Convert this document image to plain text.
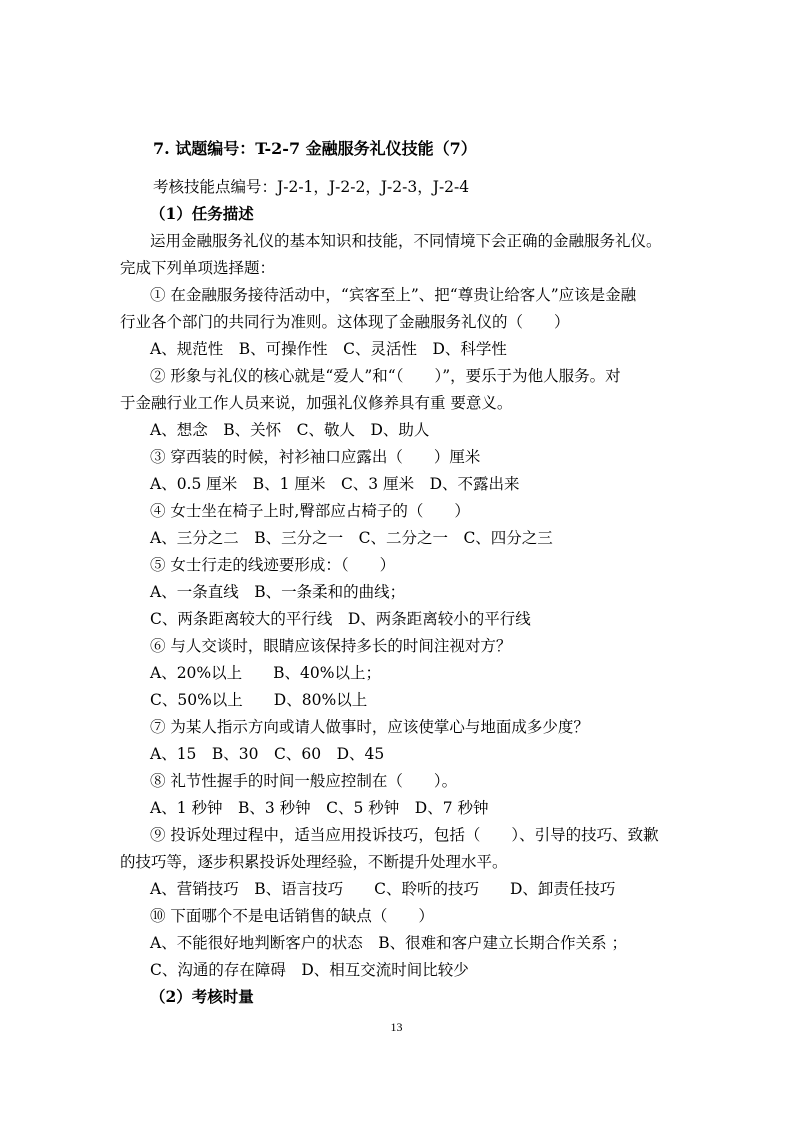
7. 试题编号：T-2-7 金融服务礼仪技能（7）
考核技能点编号：J-2-1，J-2-2，J-2-3，J-2-4
（1）任务描述
运用金融服务礼仪的基本知识和技能，不同情境下会正确的金融服务礼仪。
完成下列单项选择题：
① 在金融服务接待活动中，“宾客至上”、把“尊贵让给客人”应该是金融
行业各个部门的共同行为准则。这体现了金融服务礼仪的（　　）
A、规范性　B、可操作性　C、灵活性　D、科学性
② 形象与礼仪的核心就是“爱人”和“（　　）”，要乐于为他人服务。对
于金融行业工作人员来说，加强礼仪修养具有重 要意义。
A、想念　B、关怀　C、敬人　D、助人
③ 穿西装的时候，衬衫袖口应露出（　　）厘米
A、0.5 厘米　B、1 厘米　C、3 厘米　D、不露出来
④ 女士坐在椅子上时,臀部应占椅子的（　　）
A、三分之二　B、三分之一　C、二分之一　C、四分之三
⑤ 女士行走的线迹要形成：（　　）
A、一条直线　B、一条柔和的曲线；
C、两条距离较大的平行线　D、两条距离较小的平行线
⑥ 与人交谈时，眼睛应该保持多长的时间注视对方？
A、20%以上　　B、40%以上；
C、50%以上　　D、80%以上
⑦ 为某人指示方向或请人做事时，应该使掌心与地面成多少度？
A、15　B、30　C、60　D、45
⑧ 礼节性握手的时间一般应控制在（　　）。
A、1 秒钟　B、3 秒钟　C、5 秒钟　D、7 秒钟
⑨ 投诉处理过程中，适当应用投诉技巧，包括（　　）、引导的技巧、致歉
的技巧等，逐步积累投诉处理经验，不断提升处理水平。
A、营销技巧　B、语言技巧　　C、聆听的技巧　　D、卸责任技巧
⑩ 下面哪个不是电话销售的缺点（　　）
A、不能很好地判断客户的状态　B、很难和客户建立长期合作关系 ；
C、沟通的存在障碍　D、相互交流时间比较少
（2）考核时量
13
